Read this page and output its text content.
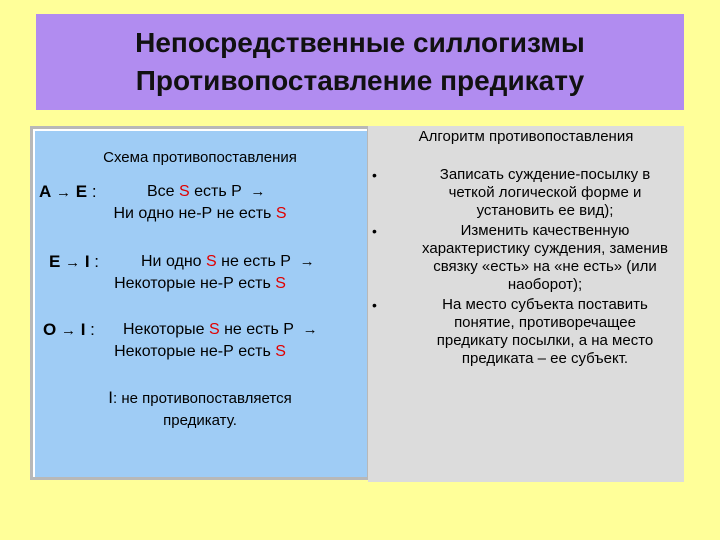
Непосредственные силлогизмы
Противопоставление предикату
Схема противопоставления
А → Е :	Все S есть Р  →
Ни одно не-Р не есть S
Е → I :	Ни одно S не есть Р  →
Некоторые не-Р есть S
О → I : Некоторые S не есть Р  →
Некоторые не-Р есть S
I: не противопоставляется
предикату.
Алгоритм противопоставления
•	Записать суждение-посылку в четкой логической форме и установить ее вид);
•	Изменить качественную характеристику суждения, заменив связку «есть» на «не есть» (или наоборот);
•	На место субъекта поставить понятие, противоречащее предикату посылки, а на место предиката – ее субъект.
